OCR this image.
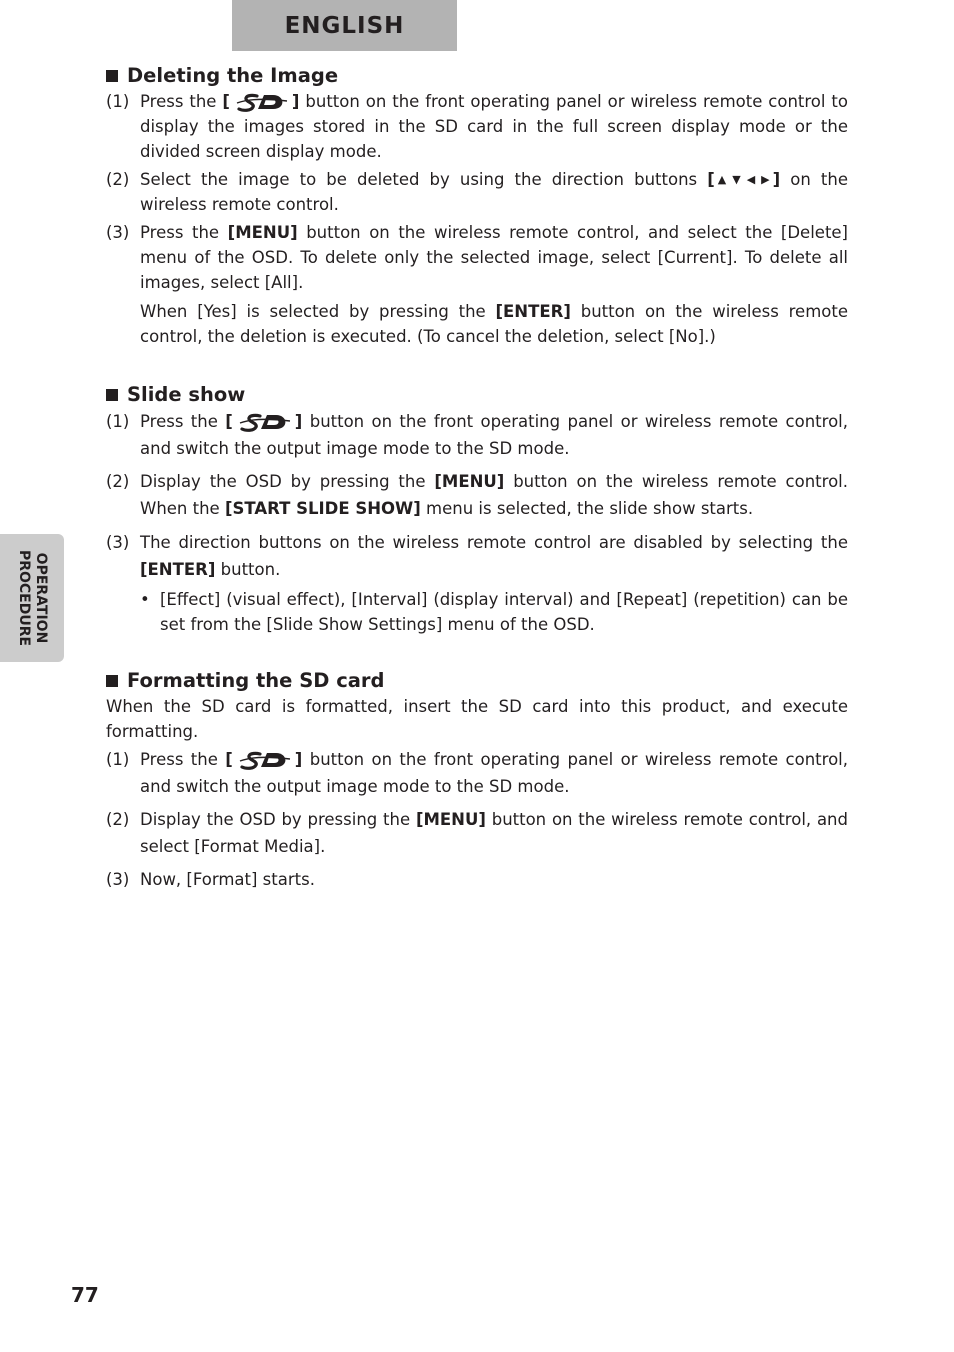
ENGLISH
OPERATION
PROCEDURE
Deleting the Image
(1) Press the [	] button on the front operating panel or wireless remote control to display the images stored in the SD card in the full screen display mode or the divided screen display mode.
(2) Select the image to be deleted by using the direction buttons [ ▲ ▼ ◀ ▶ ] on the wireless remote control.
(3) Press the [MENU] button on the wireless remote control, and select the [Delete] menu of the OSD. To delete only the selected image, select [Current]. To delete all images, select [All].
When [Yes] is selected by pressing the [ENTER] button on the wireless remote control, the deletion is executed. (To cancel the deletion, select [No].)
Slide show
(1) Press the [	] button on the front operating panel or wireless remote control, and switch the output image mode to the SD mode.
(2) Display the OSD by pressing the [MENU] button on the wireless remote control. When the [START SLIDE SHOW] menu is selected, the slide show starts.
(3) The direction buttons on the wireless remote control are disabled by selecting the [ENTER] button.
• [Effect] (visual effect), [Interval] (display interval) and [Repeat] (repetition) can be set from the [Slide Show Settings] menu of the OSD.
Formatting the SD card
When the SD card is formatted, insert the SD card into this product, and execute formatting.
(1) Press the [	] button on the front operating panel or wireless remote control, and switch the output image mode to the SD mode.
(2) Display the OSD by pressing the [MENU] button on the wireless remote control, and select [Format Media].
(3) Now, [Format] starts.
77
